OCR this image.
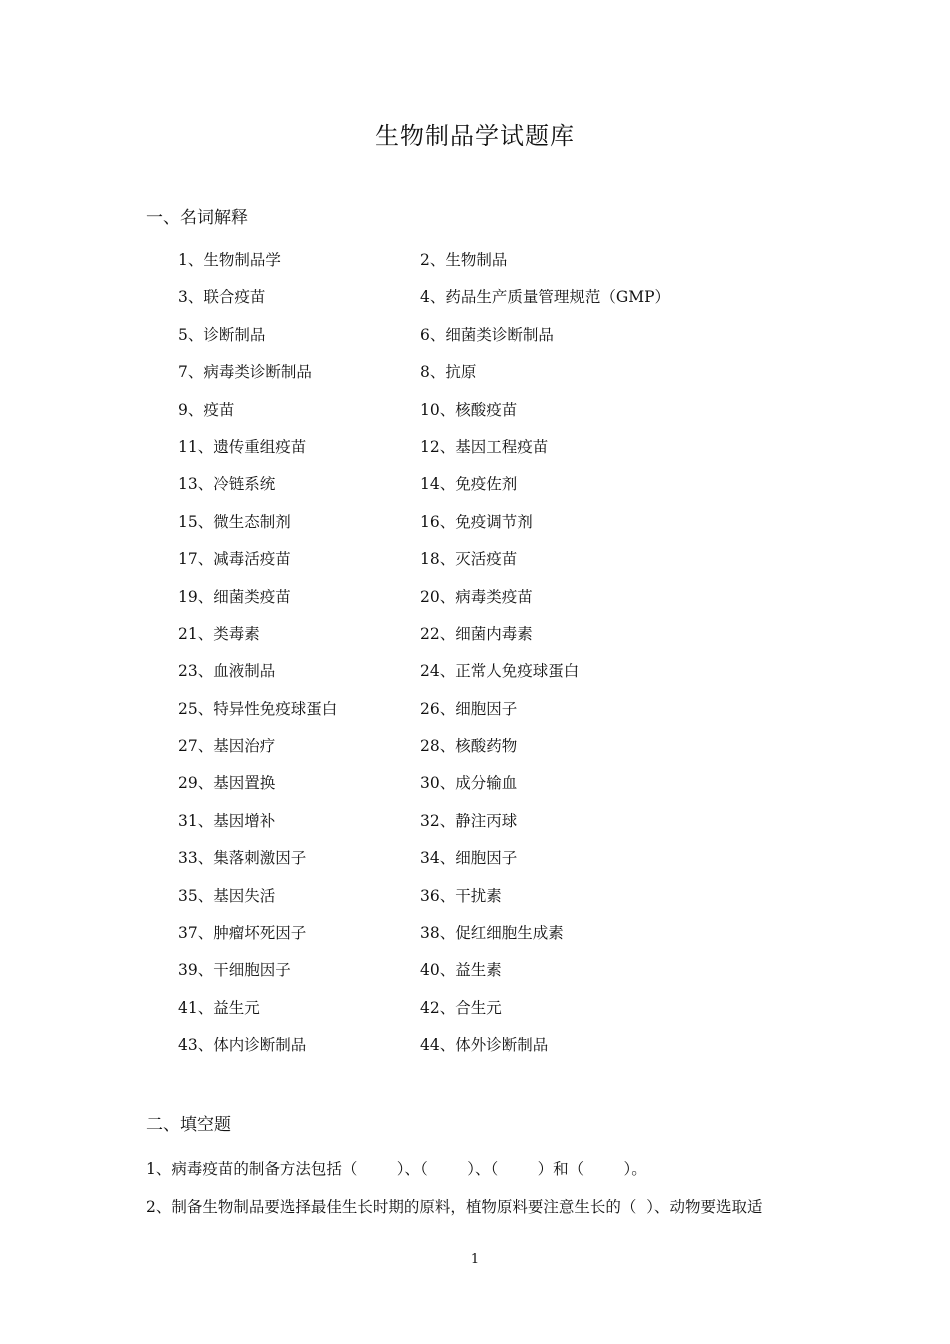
生物制品学试题库
一、名词解释
1、生物制品学	2、生物制品
3、联合疫苗	4、药品生产质量管理规范（GMP）
5、诊断制品	6、细菌类诊断制品
7、病毒类诊断制品	8、抗原
9、疫苗	10、核酸疫苗
11、遗传重组疫苗	12、基因工程疫苗
13、冷链系统	14、免疫佐剂
15、微生态制剂	16、免疫调节剂
17、减毒活疫苗	18、灭活疫苗
19、细菌类疫苗	20、病毒类疫苗
21、类毒素	22、细菌内毒素
23、血液制品	24、正常人免疫球蛋白
25、特异性免疫球蛋白	26、细胞因子
27、基因治疗	28、核酸药物
29、基因置换	30、成分输血
31、基因增补	32、静注丙球
33、集落刺激因子	34、细胞因子
35、基因失活	36、干扰素
37、肿瘤坏死因子	38、促红细胞生成素
39、干细胞因子	40、益生素
41、益生元	42、合生元
43、体内诊断制品	44、体外诊断制品
二、填空题
1、病毒疫苗的制备方法包括（        ）、（        ）、（        ）和（        ）。
2、制备生物制品要选择最佳生长时期的原料，植物原料要注意生长的（  ）、动物要选取适
1
